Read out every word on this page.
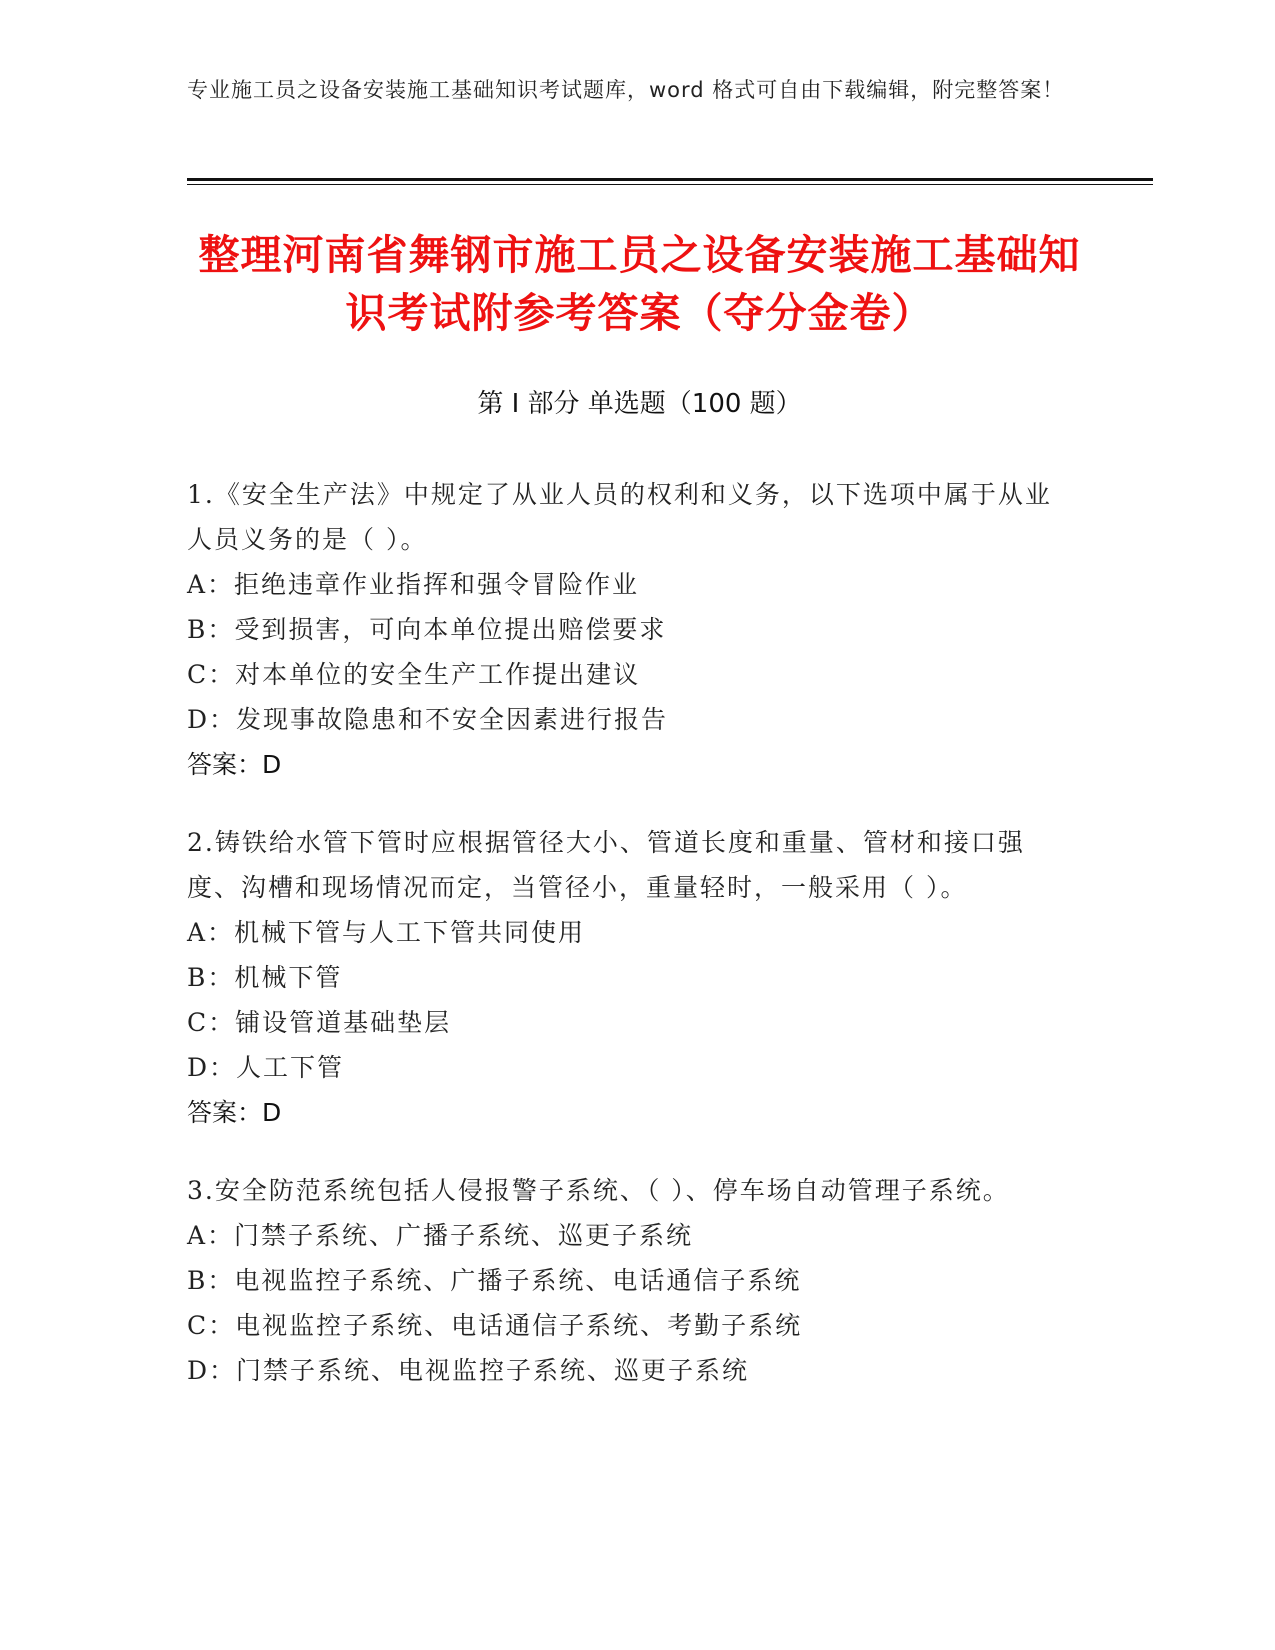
专业施工员之设备安装施工基础知识考试题库，word 格式可自由下载编辑，附完整答案！
整理河南省舞钢市施工员之设备安装施工基础知识考试附参考答案（夺分金卷）
第 I 部分 单选题（100 题）
1.《安全生产法》中规定了从业人员的权利和义务，以下选项中属于从业人员义务的是（ ）。
A：拒绝违章作业指挥和强令冒险作业
B：受到损害，可向本单位提出赔偿要求
C：对本单位的安全生产工作提出建议
D：发现事故隐患和不安全因素进行报告
答案：D
2.铸铁给水管下管时应根据管径大小、管道长度和重量、管材和接口强度、沟槽和现场情况而定，当管径小，重量轻时，一般采用（ ）。
A：机械下管与人工下管共同使用
B：机械下管
C：铺设管道基础垫层
D：人工下管
答案：D
3.安全防范系统包括人侵报警子系统、（ ）、停车场自动管理子系统。
A：门禁子系统、广播子系统、巡更子系统
B：电视监控子系统、广播子系统、电话通信子系统
C：电视监控子系统、电话通信子系统、考勤子系统
D：门禁子系统、电视监控子系统、巡更子系统
